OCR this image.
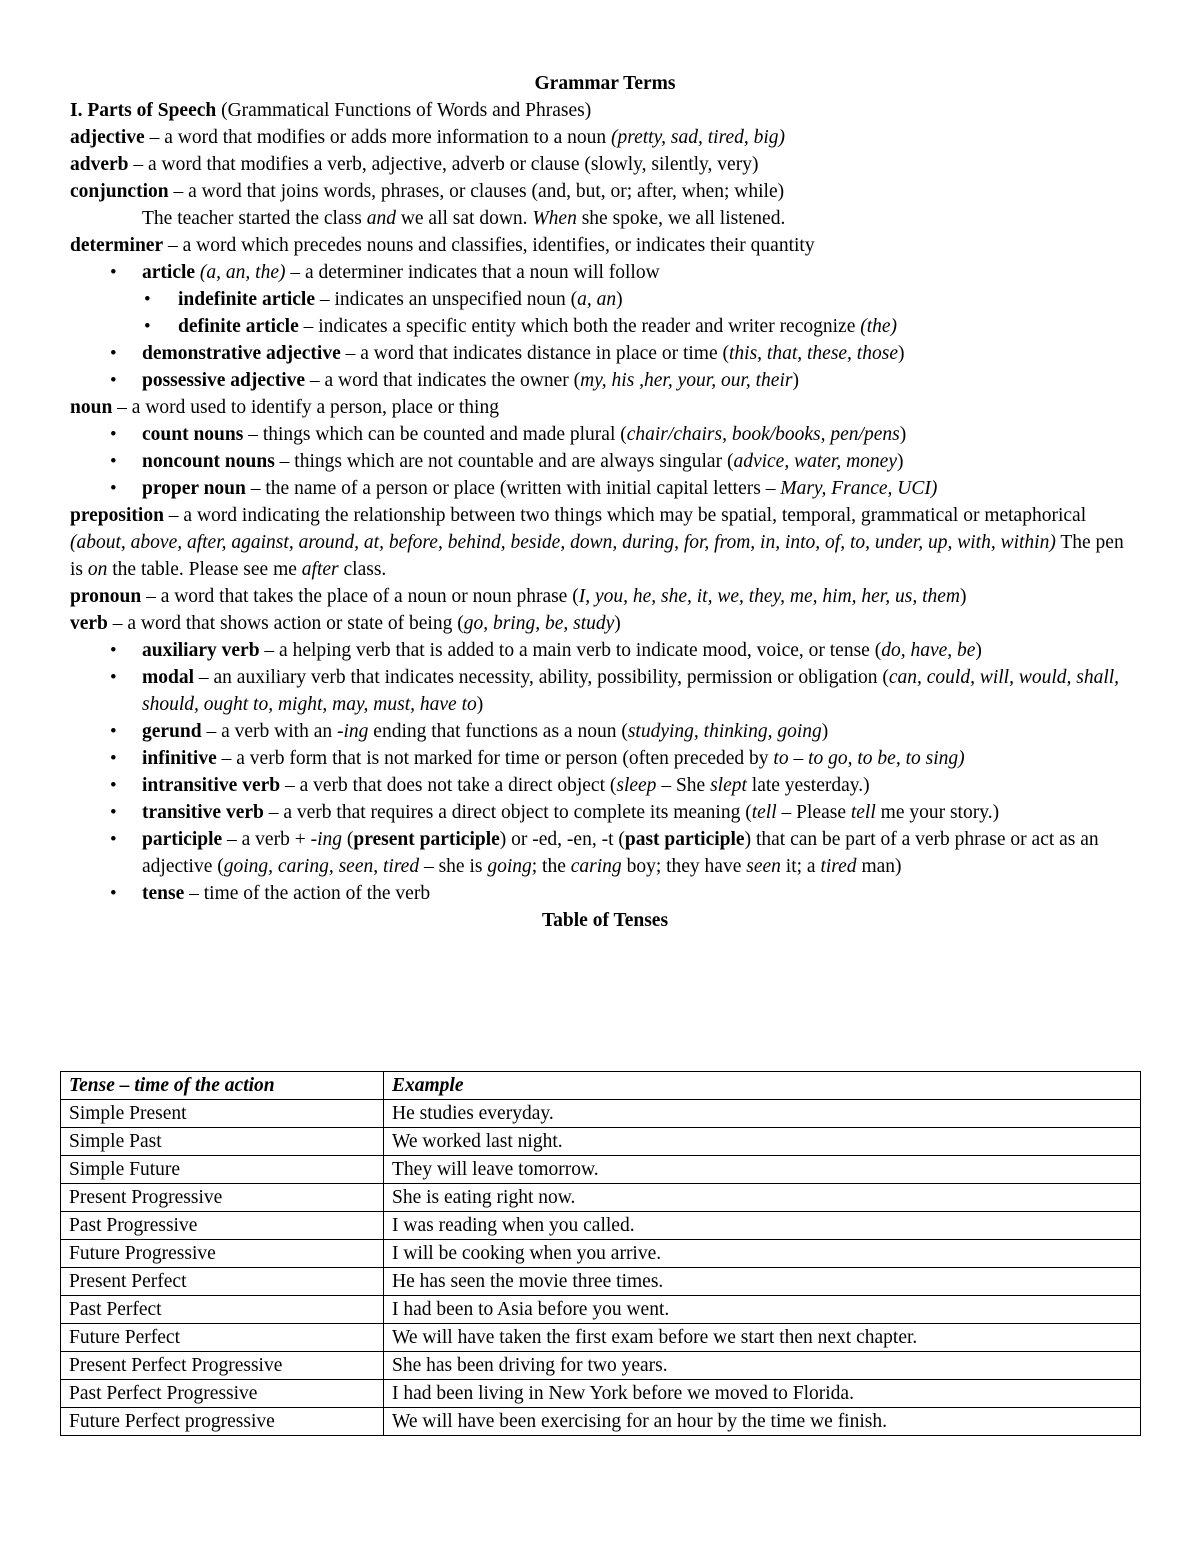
Grammar Terms
I. Parts of Speech (Grammatical Functions of Words and Phrases)
adjective – a word that modifies or adds more information to a noun (pretty, sad, tired, big)
adverb – a word that modifies a verb, adjective, adverb or clause (slowly, silently, very)
conjunction – a word that joins words, phrases, or clauses (and, but, or; after, when; while)
The teacher started the class and we all sat down. When she spoke, we all listened.
determiner – a word which precedes nouns and classifies, identifies, or indicates their quantity
• article (a, an, the) – a determiner indicates that a noun will follow
• indefinite article – indicates an unspecified noun (a, an)
• definite article – indicates a specific entity which both the reader and writer recognize (the)
• demonstrative adjective – a word that indicates distance in place or time (this, that, these, those)
• possessive adjective – a word that indicates the owner (my, his ,her, your, our, their)
noun – a word used to identify a person, place or thing
• count nouns – things which can be counted and made plural (chair/chairs, book/books, pen/pens)
• noncount nouns – things which are not countable and are always singular (advice, water, money)
• proper noun – the name of a person or place (written with initial capital letters – Mary, France, UCI)
preposition – a word indicating the relationship between two things which may be spatial, temporal, grammatical or metaphorical (about, above, after, against, around, at, before, behind, beside, down, during, for, from, in, into, of, to, under, up, with, within) The pen is on the table. Please see me after class.
pronoun – a word that takes the place of a noun or noun phrase (I, you, he, she, it, we, they, me, him, her, us, them)
verb – a word that shows action or state of being (go, bring, be, study)
• auxiliary verb – a helping verb that is added to a main verb to indicate mood, voice, or tense (do, have, be)
• modal – an auxiliary verb that indicates necessity, ability, possibility, permission or obligation (can, could, will, would, shall, should, ought to, might, may, must, have to)
• gerund – a verb with an -ing ending that functions as a noun (studying, thinking, going)
• infinitive – a verb form that is not marked for time or person (often preceded by to – to go, to be, to sing)
• intransitive verb – a verb that does not take a direct object (sleep – She slept late yesterday.)
• transitive verb – a verb that requires a direct object to complete its meaning (tell – Please tell me your story.)
• participle – a verb + -ing (present participle) or -ed, -en, -t (past participle) that can be part of a verb phrase or act as an adjective (going, caring, seen, tired – she is going; the caring boy; they have seen it; a tired man)
• tense – time of the action of the verb
Table of Tenses
Tense – time of the action	Example
Simple Present	He studies everyday.
Simple Past	We worked last night.
Simple Future	They will leave tomorrow.
Present Progressive	She is eating right now.
Past Progressive	I was reading when you called.
Future Progressive	I will be cooking when you arrive.
Present Perfect	He has seen the movie three times.
Past Perfect	I had been to Asia before you went.
Future Perfect	We will have taken the first exam before we start then next chapter.
Present Perfect Progressive	She has been driving for two years.
Past Perfect Progressive	I had been living in New York before we moved to Florida.
Future Perfect progressive	We will have been exercising for an hour by the time we finish.
